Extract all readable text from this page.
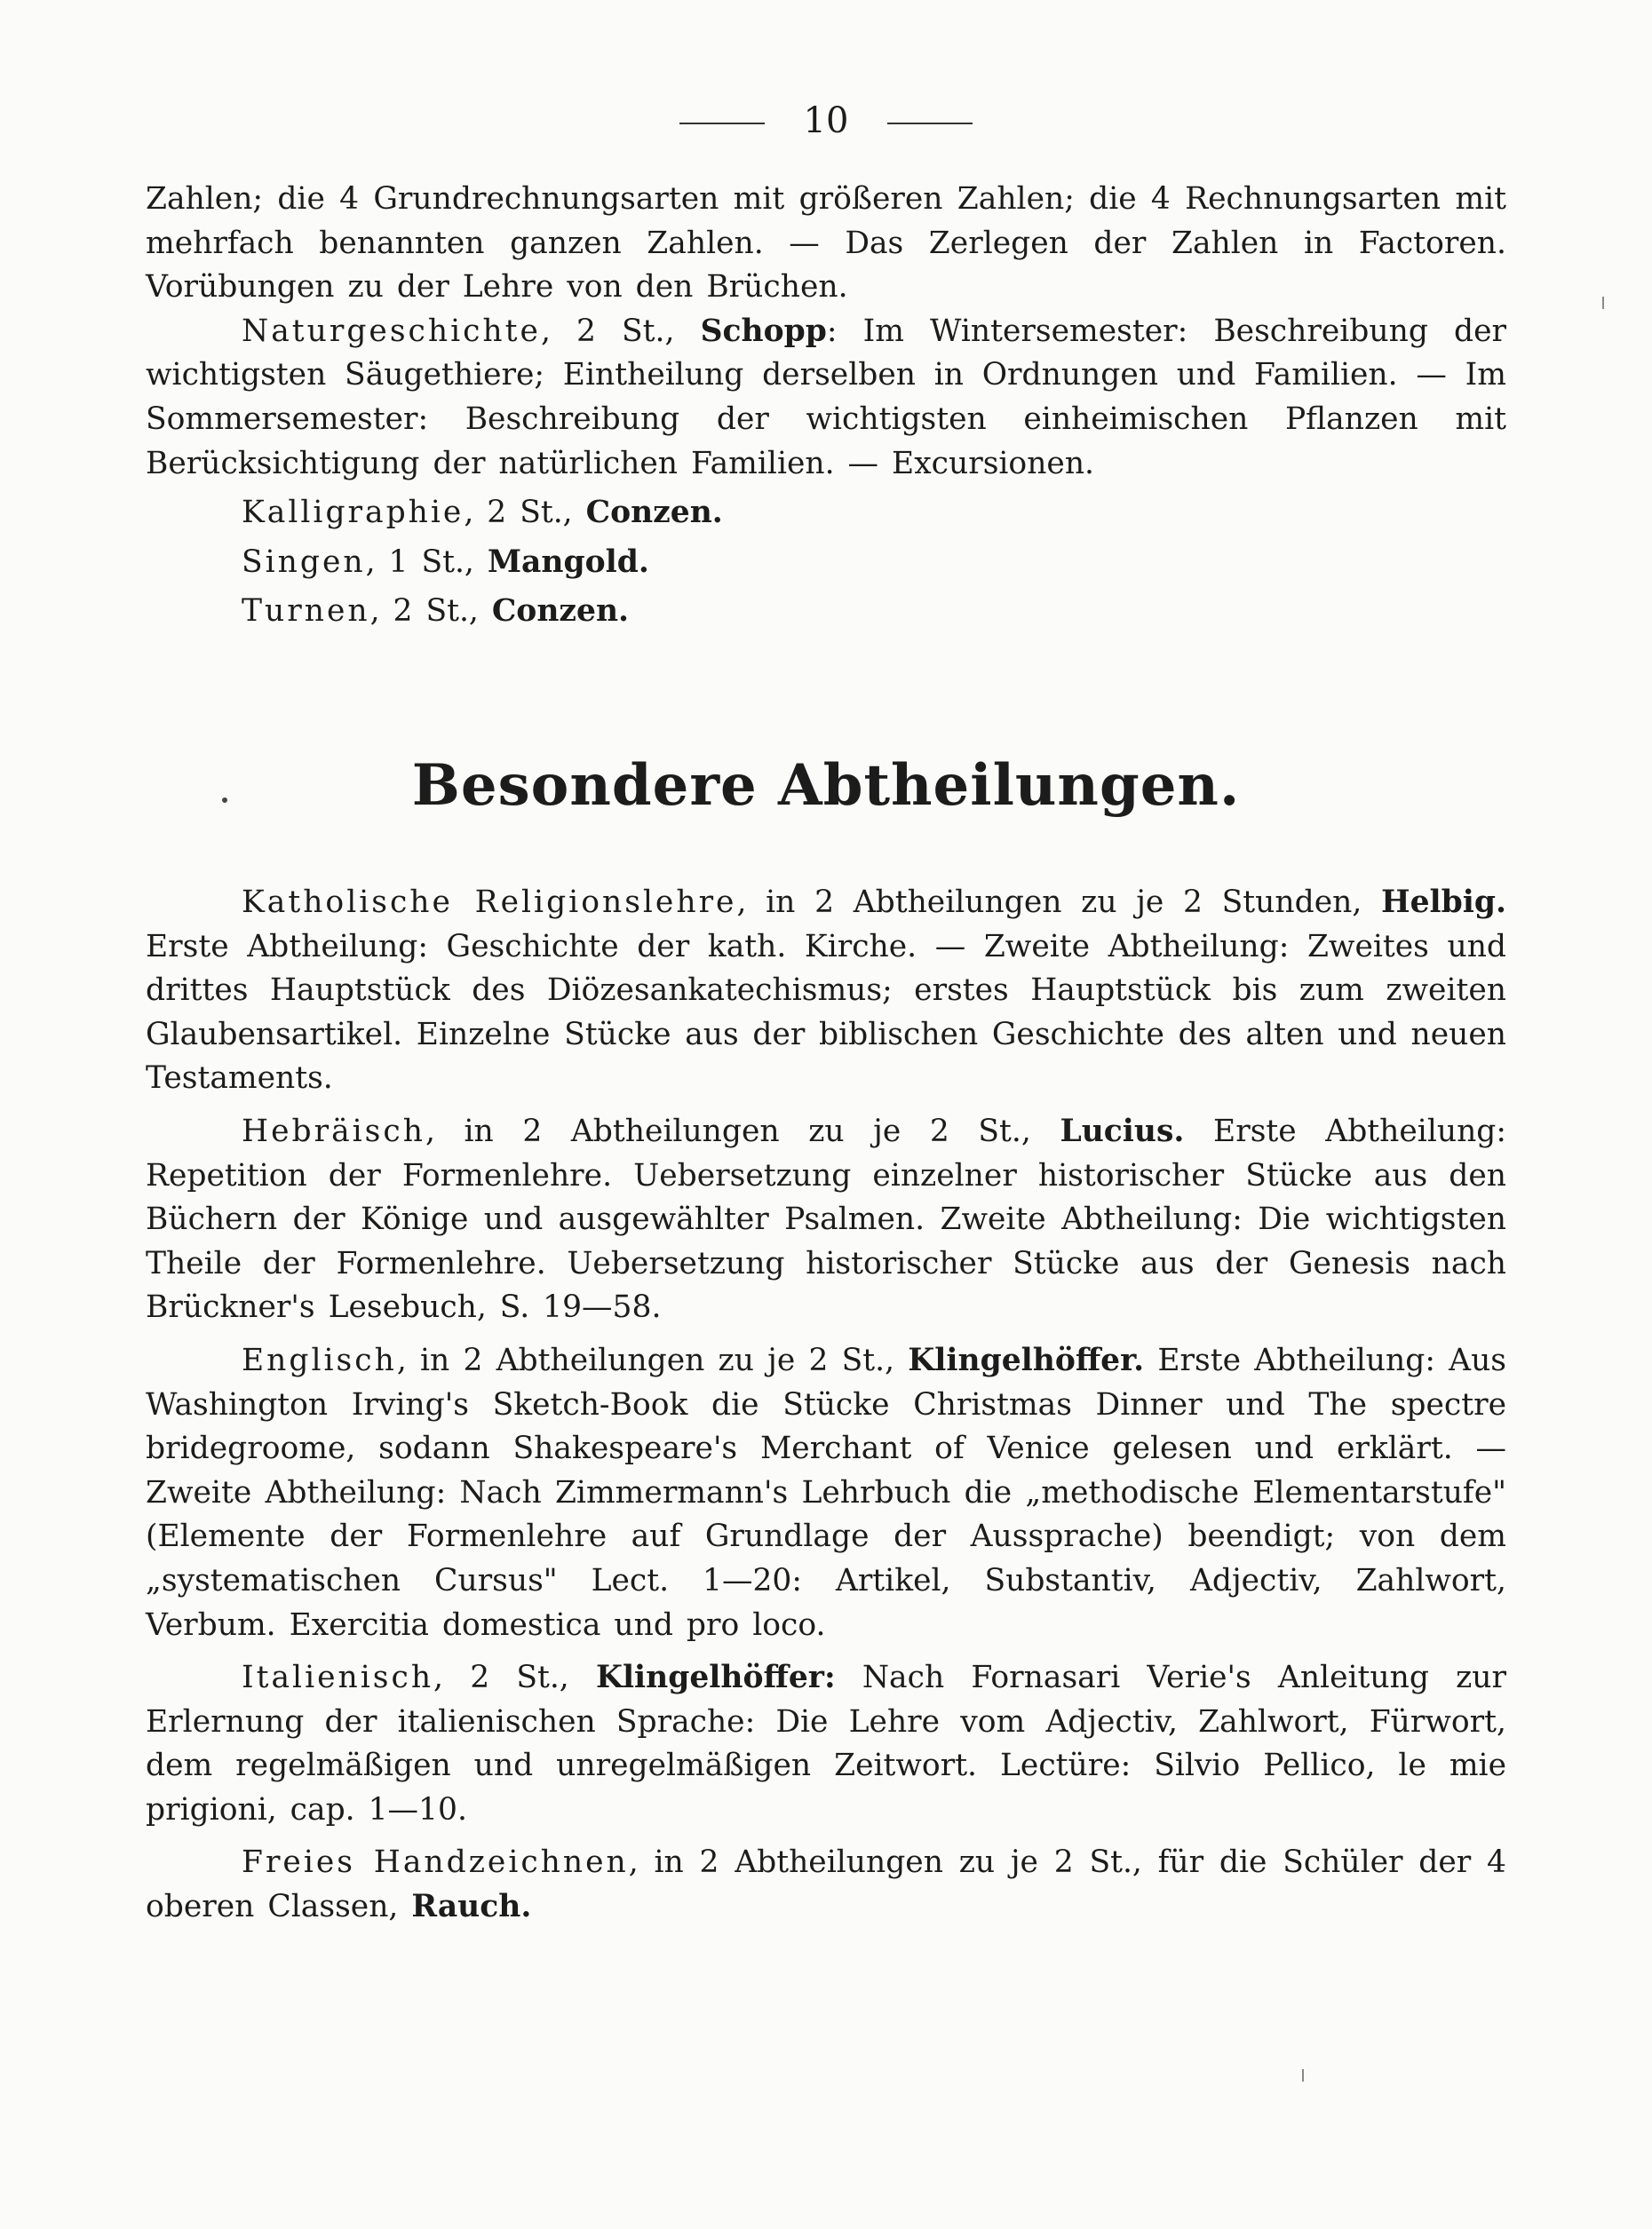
10

Zahlen; die 4 Grundrechnungsarten mit größeren Zahlen; die 4 Rechnungsarten mit mehrfach benannten ganzen Zahlen. — Das Zerlegen der Zahlen in Factoren. Vorübungen zu der Lehre von den Brüchen.

Naturgeschichte, 2 St., Schopp: Im Wintersemester: Beschreibung der wichtigsten Säugethiere; Eintheilung derselben in Ordnungen und Familien. — Im Sommersemester: Beschreibung der wichtigsten einheimischen Pflanzen mit Berücksichtigung der natürlichen Familien. — Excursionen.

Kalligraphie, 2 St., Conzen.

Singen, 1 St., Mangold.

Turnen, 2 St., Conzen.

Besondere Abtheilungen.

Katholische Religionslehre, in 2 Abtheilungen zu je 2 Stunden, Helbig. Erste Abtheilung: Geschichte der kath. Kirche. — Zweite Abtheilung: Zweites und drittes Hauptstück des Diözesankatechismus; erstes Hauptstück bis zum zweiten Glaubensartikel. Einzelne Stücke aus der biblischen Geschichte des alten und neuen Testaments.

Hebräisch, in 2 Abtheilungen zu je 2 St., Lucius. Erste Abtheilung: Repetition der Formenlehre. Uebersetzung einzelner historischer Stücke aus den Büchern der Könige und ausgewählter Psalmen. Zweite Abtheilung: Die wichtigsten Theile der Formenlehre. Uebersetzung historischer Stücke aus der Genesis nach Brückner's Lesebuch, S. 19—58.

Englisch, in 2 Abtheilungen zu je 2 St., Klingelhöffer. Erste Abtheilung: Aus Washington Irving's Sketch-Book die Stücke Christmas Dinner und The spectre bridegroome, sodann Shakespeare's Merchant of Venice gelesen und erklärt. — Zweite Abtheilung: Nach Zimmermann's Lehrbuch die „methodische Elementarstufe" (Elemente der Formenlehre auf Grundlage der Aussprache) beendigt; von dem „systematischen Cursus" Lect. 1—20: Artikel, Substantiv, Adjectiv, Zahlwort, Verbum. Exercitia domestica und pro loco.

Italienisch, 2 St., Klingelhöffer: Nach Fornasari Verie's Anleitung zur Erlernung der italienischen Sprache: Die Lehre vom Adjectiv, Zahlwort, Fürwort, dem regelmäßigen und unregelmäßigen Zeitwort. Lectüre: Silvio Pellico, le mie prigioni, cap. 1—10.

Freies Handzeichnen, in 2 Abtheilungen zu je 2 St., für die Schüler der 4 oberen Classen, Rauch.
